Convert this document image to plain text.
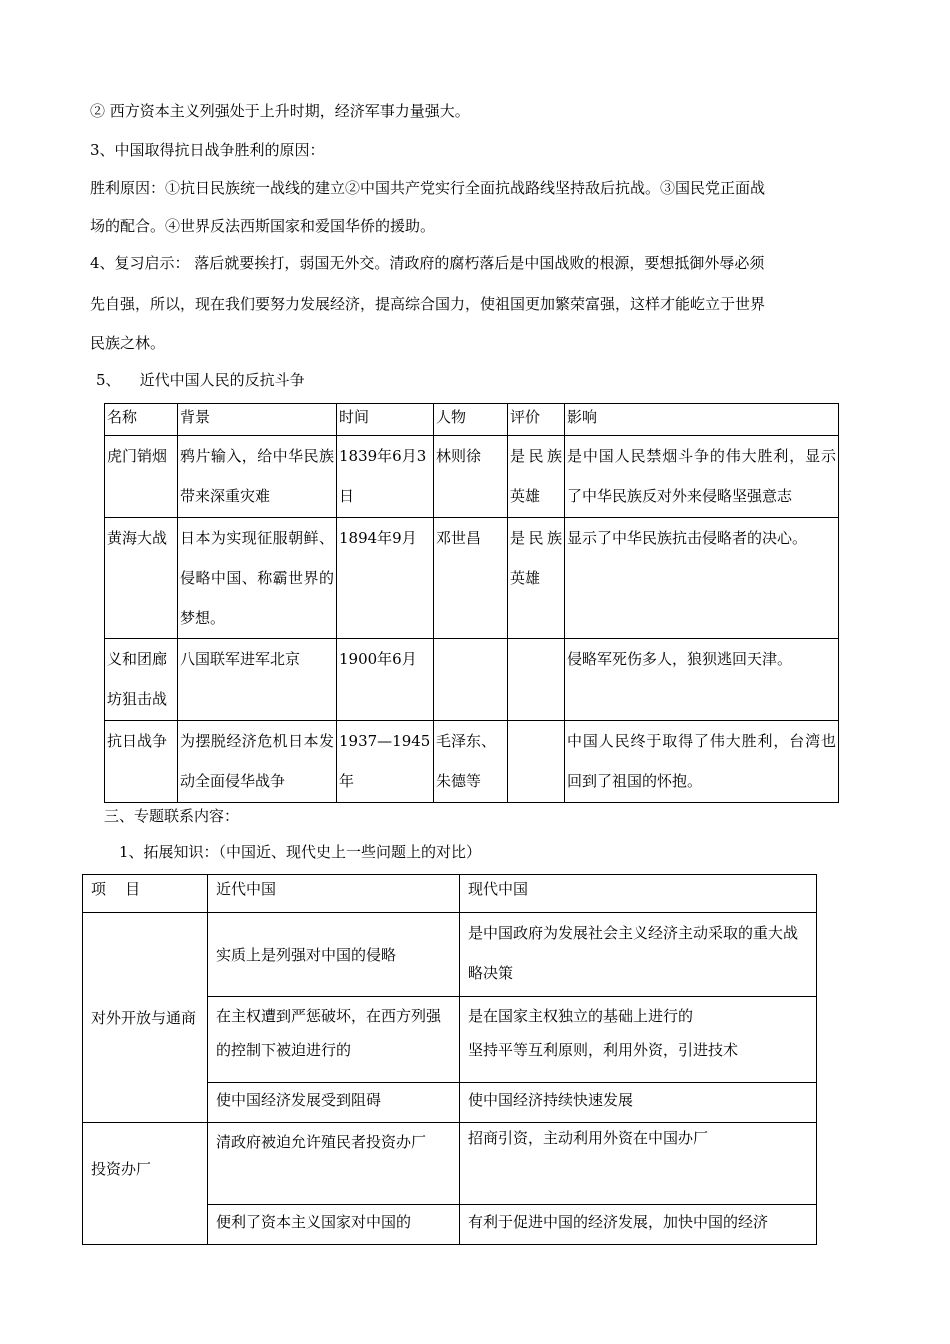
② 西方资本主义列强处于上升时期，经济军事力量强大。
3、中国取得抗日战争胜利的原因：
胜利原因：①抗日民族统一战线的建立②中国共产党实行全面抗战路线坚持敌后抗战。③国民党正面战
场的配合。④世界反法西斯国家和爱国华侨的援助。
4、复习启示： 落后就要挨打，弱国无外交。清政府的腐朽落后是中国战败的根源，要想抵御外辱必须
先自强，所以，现在我们要努力发展经济，提高综合国力，使祖国更加繁荣富强，这样才能屹立于世界
民族之林。
5、    近代中国人民的反抗斗争
名称	背景	时间	人物	评价	影响
虎门销烟	鸦片输入，给中华民族带来深重灾难	1839年6月3日	林则徐	是民族英雄	是中国人民禁烟斗争的伟大胜利，显示了中华民族反对外来侵略坚强意志
黄海大战	日本为实现征服朝鲜、侵略中国、称霸世界的梦想。	1894年9月	邓世昌	是民族英雄	显示了中华民族抗击侵略者的决心。
义和团廊坊狙击战	八国联军进军北京	1900年6月			侵略军死伤多人，狼狈逃回天津。
抗日战争	为摆脱经济危机日本发动全面侵华战争	1937—1945年	毛泽东、朱德等		中国人民终于取得了伟大胜利，台湾也回到了祖国的怀抱。
三、专题联系内容：
1、拓展知识：（中国近、现代史上一些问题上的对比）
项    目	近代中国	现代中国
对外开放与通商	实质上是列强对中国的侵略	是中国政府为发展社会主义经济主动采取的重大战略决策
	在主权遭到严惩破坏，在西方列强的控制下被迫进行的	是在国家主权独立的基础上进行的
坚持平等互利原则，利用外资，引进技术
	使中国经济发展受到阻碍	使中国经济持续快速发展
投资办厂	清政府被迫允许殖民者投资办厂	招商引资，主动利用外资在中国办厂
	便利了资本主义国家对中国的	有利于促进中国的经济发展，加快中国的经济
